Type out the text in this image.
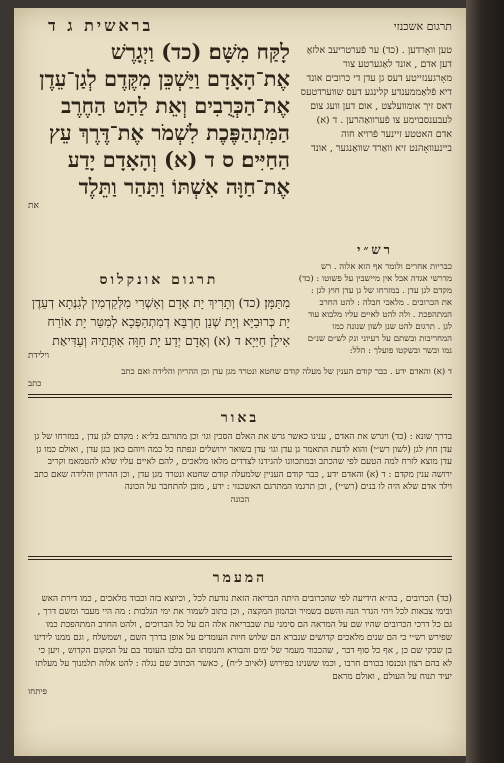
תרגום אשכנזי
בראשית ג ד

לָקַּח מִשָּׁם׃ (כד) וַיְגָרֶשׁ אֶת־הָאָדָם וַיַּשְׁכֵּן מִקֶּדֶם לְגַן־עֵדֶן אֶת־הַכְּרֻבִים וְאֵת לַהַט הַחֶרֶב הַמִּתְהַפֶּכֶת לִשְׁמֹר אֶת־דֶּרֶךְ עֵץ הַחַיִּים׃ ס ד (א) וְהָאָדָם יָדַע אֶת־חַוָּה אִשְׁתּוֹ וַתַּהַר וַתֵּלֶד

את

טען וואָרדען . (כד) ער פֿערטריעב אלזאָ דען אדם , אונד לאַגערטע צור מאָרגענזייטע דעס גן עדן די כרובים אונד דיא פֿלאַממענדע קלינגע דעס שווערדטעס דאס זיך אומוועלצט , אום דען וועג צום לעבענסבוימע צו פֿערוואַהרען . ד (א) אדם האטטע זיינער פֿרויא חוה ביינעוואָהנט זיא וואַרד שוואַנגער , אונד

תרגום אונקלוס

מִתַּמָּן׃ (כד) וְתָרִיךְ יָת אָדָם וְאַשְׁרִי מִלְּקַדְמִין לְגִנְּתָא דְעֵדֶן יָת כְּרוּבַיָּא וְיָת שְׁנַן חַרְבָּא דְמִתְהַפְּכָא לְמִטַּר יָת אוֹרַח אִילַן חַיַּיָא׃ ד (א) וְאָדָם יְדַע יָת חַוָּה אִתְּתֵיהּ וְעַדִּיאַת

וילידת
רש״י

כבריות אחרים ולומר אף הוא אלוה . רש מדרשי אגדה אבל אין מיישבין על פשוטו : (כד) מקדם לגן עדן . במזרחו של גן עדן חוץ לגן : את הכרובים . מלאכי חבלה : להט החרב המתהפכת . ולה להט לאיים עליו מלבוא עוד לגן . תרגום להט שנן לשון שנונה כמו המחריבות ובשתם על רעיוני ונק לש״ם שנ״ם נמו ובשר ובשקטו פועלך : הלל:

ד (א) והאדם ידע . כבר קודם הענין של מעלה קודם שחטא ונטרד מגן עדן וכן ההריון והלידה ואם כתב
כתב
באור

בדרך שונא : (כד) ויגרש את האדם , ענינו כאשר גרש את האלם הסכין וגו׳ וכן מתורגם בל״א : מקדם לגן עדן , במזרחו של גן עדן חוץ לגן (לשון רש״י) והוא לדעת התאמר גן עדן וגו׳ עדן בשואר ירושלים ונפתח כל כמה ויוהם כאן בגן עדן , ואולם כמו גן עדן מוצא לזרח למה הטעם לפי שהכתב ובמתכוונו להגידנו לצדדים מלאו מלאכים , להם לאיים עליו שלא להטמאמ וקריב ירושה ענין מקדם : ד (א) והאדם ידע , כבר קודם העניין שלמעלה קודם שחטא ונטרד מגן עדן , וכן ההריון והלידה שאם כתב וילד אדם שלא היה לו בנים (רש״י) , וכן תרגמו המתרגם האשכנזי : ידע , מובן להתחבר על הכונה

הכונה
המעמר

(כד) הכרובים , בה״א הידיעה לפי שהכרובים היתה הבריאה הזאת נודעת לכל , וכיוצא בזה וכבוד מלאכים , כמו דירת האש ובימי צבאות לכל ויהי הגדר הנה והשם בשמיר ובהמון המקצה , וכן כתוב לשמור את ימי הגלבות : מה היי מעבר ומשם דרך , גם כל דרכי הכרובים שהיו שם על המראה הם סימני עת שבבריאה אלה הם על כל הברוכים , ולהט החרב המתהפכת כמו שפירש רש״י כי הם שנים מלאכים קדושים שנברא הם שלוש חיות העומדים על אופן בדרך השם , ושמשלח , וגם ממנו לידינו בן שבקי שם כן , אף כל סוף דבר , שהכבוד מעמר של ימים והבורא ותנומתו הם בלבו העומד בם על המקום הקדוש , ויען כי לא בהם רצון ונכנסו בכורם חרבו , וכמו ששנינו בפירוש (לאיוב ל״ח) , כאשר הכתוב שם נגלה : להט אלוה תלמנוך על מעלתו יעיד תנוח על העולם , ואולם מראם

פיתחו
